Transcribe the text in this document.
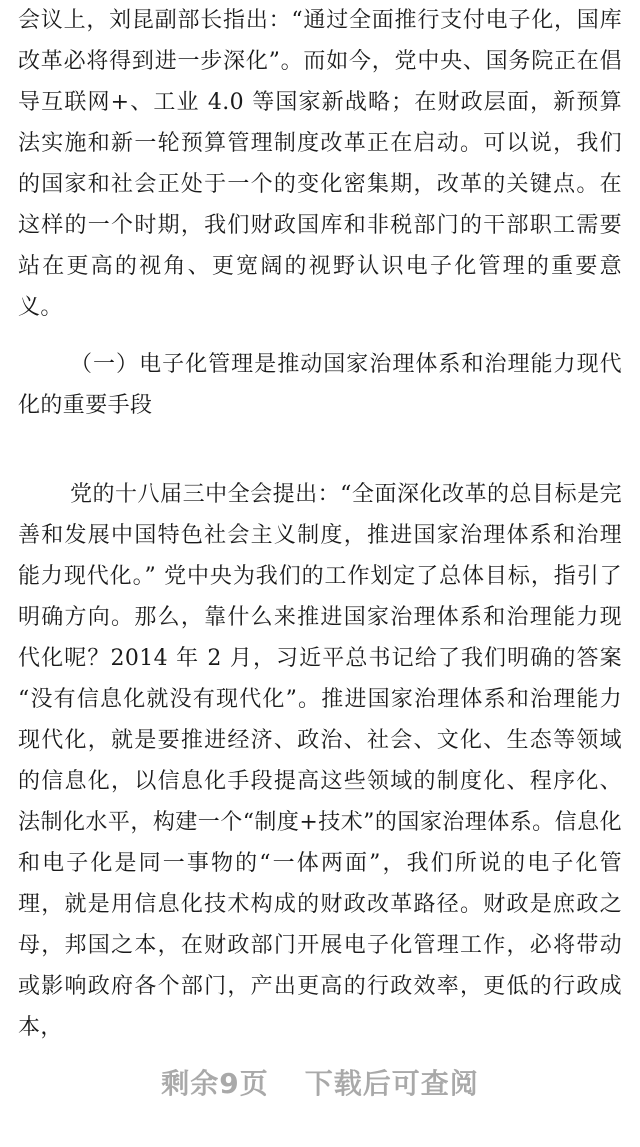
会议上，刘昆副部长指出：“通过全面推行支付电子化，国库改革必将得到进一步深化”。而如今，党中央、国务院正在倡导互联网+、工业 4.0 等国家新战略；在财政层面，新预算法实施和新一轮预算管理制度改革正在启动。可以说，我们的国家和社会正处于一个的变化密集期，改革的关键点。在这样的一个时期，我们财政国库和非税部门的干部职工需要站在更高的视角、更宽阔的视野认识电子化管理的重要意义。

（一）电子化管理是推动国家治理体系和治理能力现代化的重要手段

党的十八届三中全会提出：“全面深化改革的总目标是完善和发展中国特色社会主义制度，推进国家治理体系和治理能力现代化。” 党中央为我们的工作划定了总体目标，指引了明确方向。那么，靠什么来推进国家治理体系和治理能力现代化呢？2014 年 2 月，习近平总书记给了我们明确的答案 “没有信息化就没有现代化”。推进国家治理体系和治理能力现代化，就是要推进经济、政治、社会、文化、生态等领域的信息化，以信息化手段提高这些领域的制度化、程序化、法制化水平，构建一个“制度+技术”的国家治理体系。信息化和电子化是同一事物的“一体两面”，我们所说的电子化管理，就是用信息化技术构成的财政改革路径。财政是庶政之母，邦国之本，在财政部门开展电子化管理工作，必将带动或影响政府各个部门，产出更高的行政效率，更低的行政成本，

剩余9页 下载后可查阅
